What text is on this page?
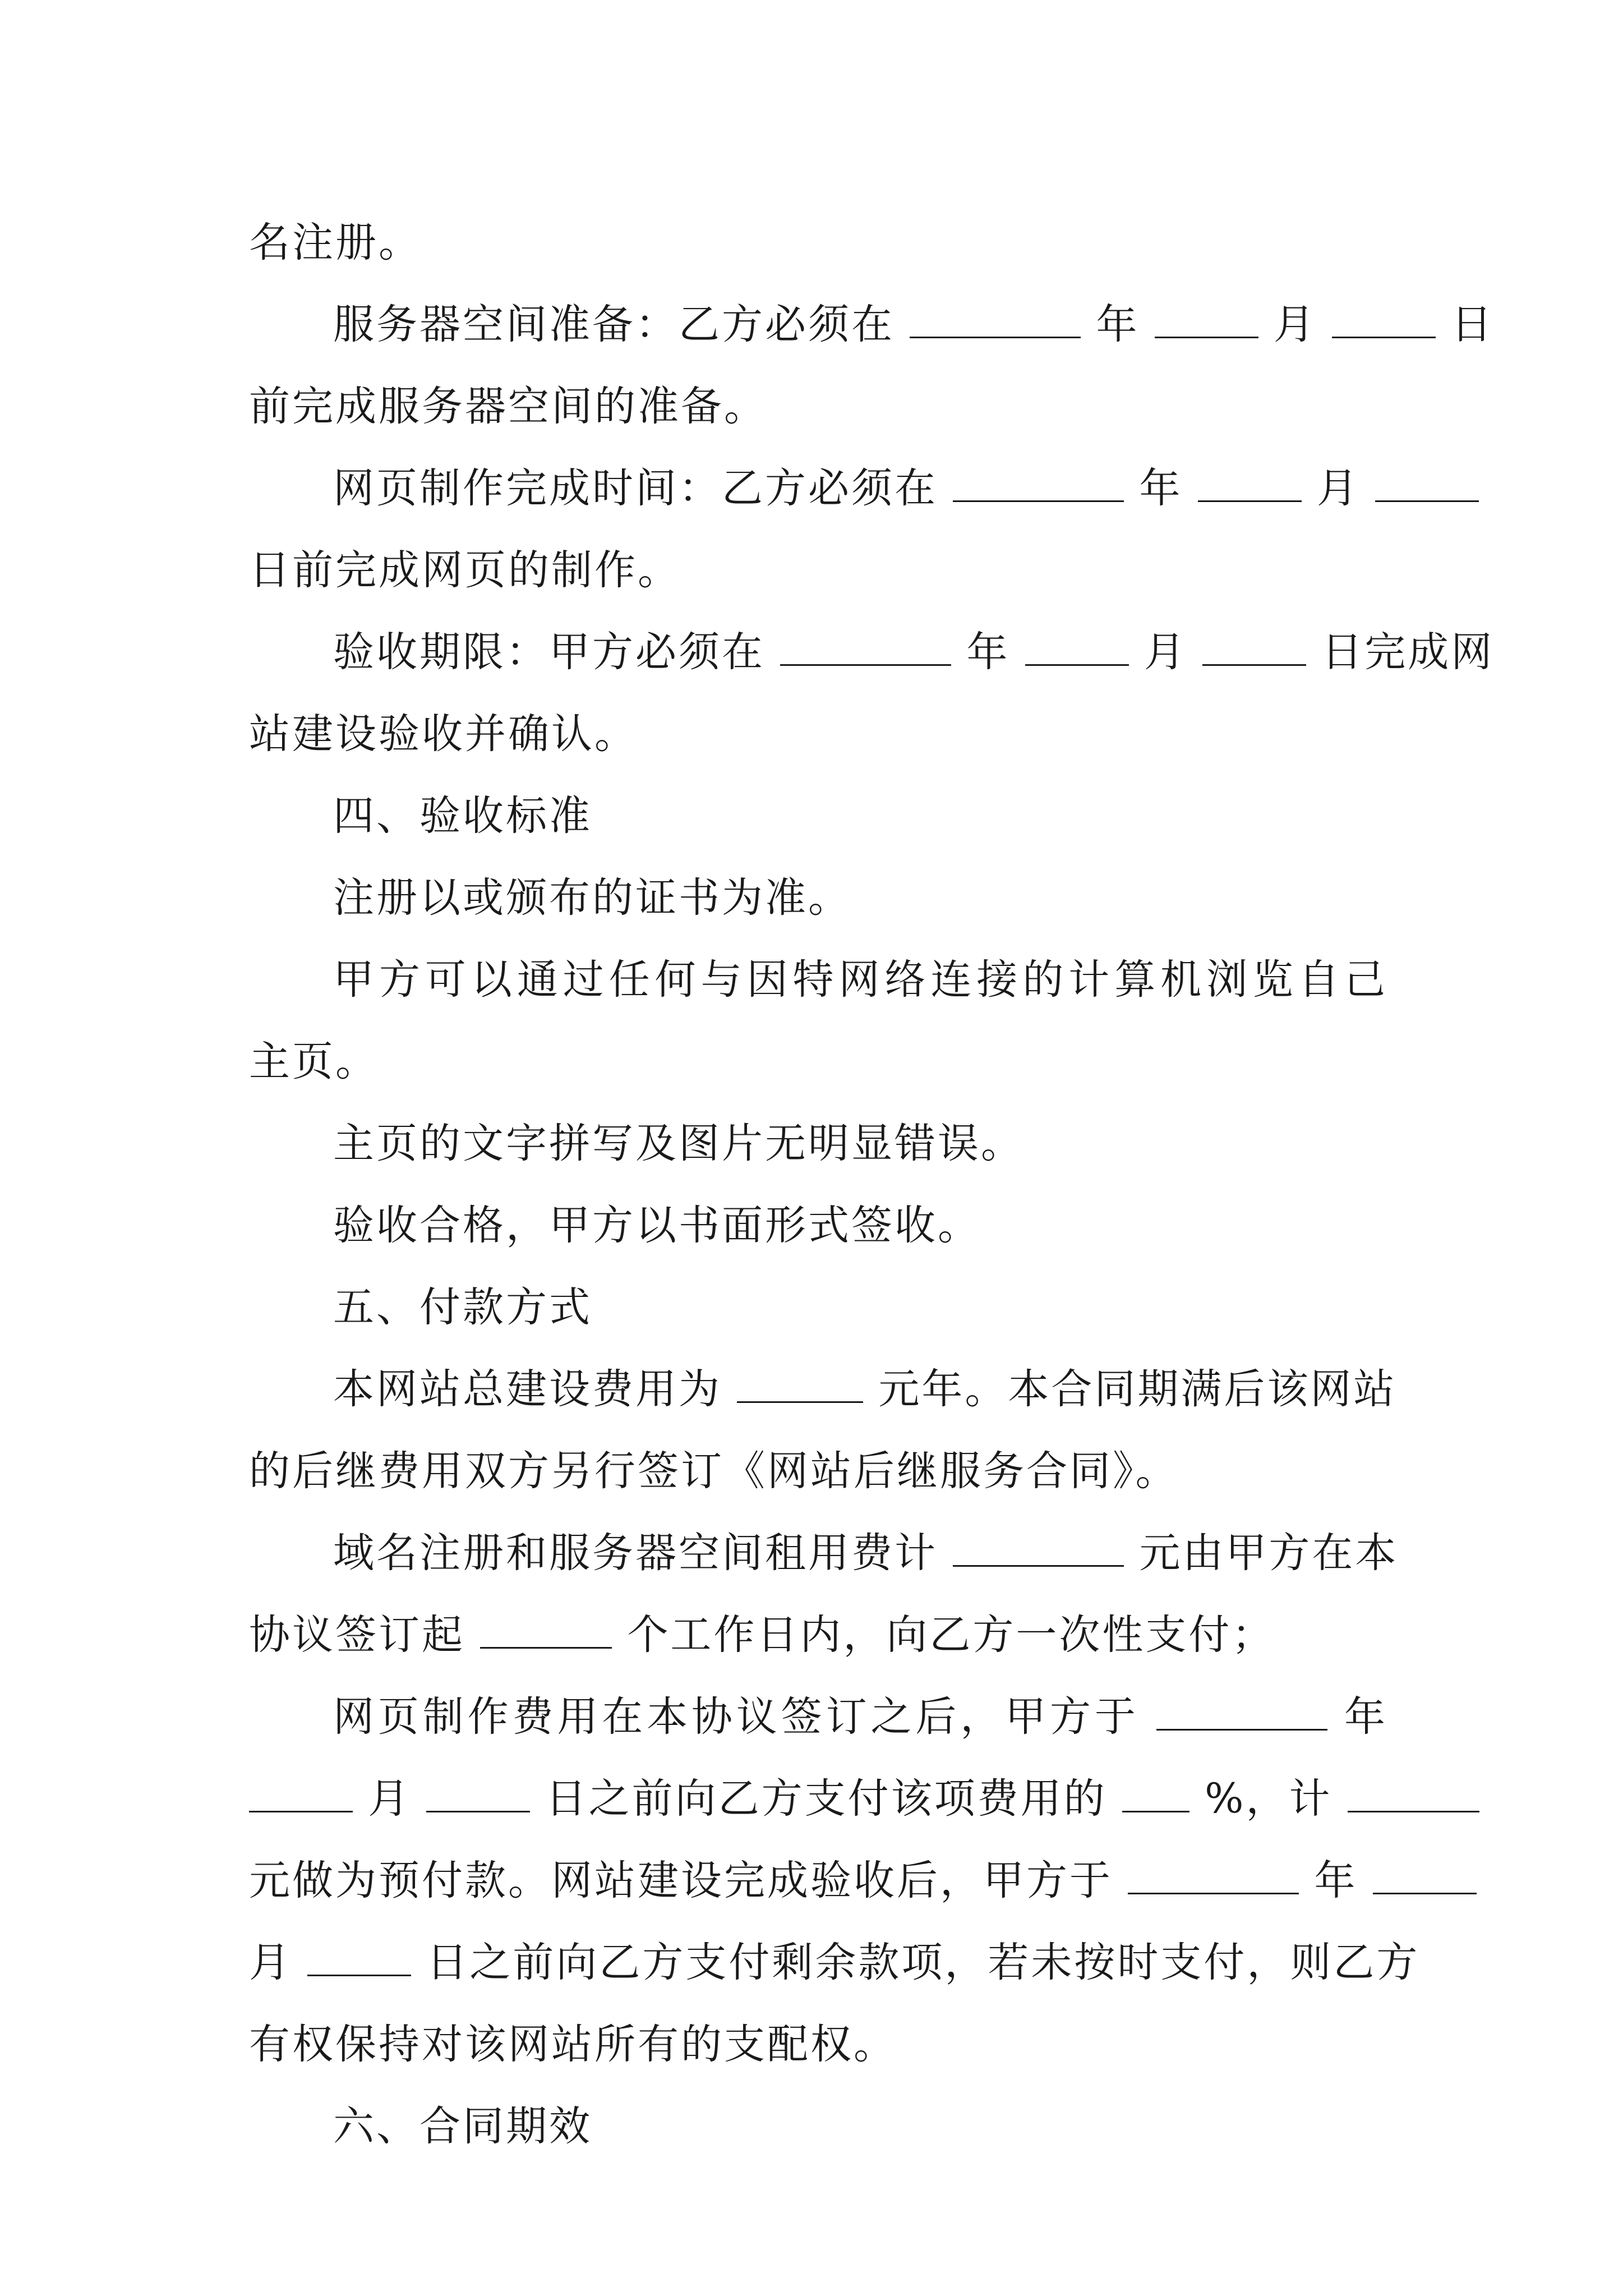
名注册。
服务器空间准备：乙方必须在	年	月	日
前完成服务器空间的准备。
网页制作完成时间：乙方必须在	年	月
日前完成网页的制作。
验收期限：甲方必须在	年	月	日完成网
站建设验收并确认。
四、验收标准
注册以或颁布的证书为准。
甲方可以通过任何与因特网络连接的计算机浏览自己
主页。
主页的文字拼写及图片无明显错误。
验收合格，甲方以书面形式签收。
五、付款方式
本网站总建设费用为	元年。本合同期满后该网站
的后继费用双方另行签订《网站后继服务合同》。
域名注册和服务器空间租用费计	元由甲方在本
协议签订起	个工作日内，向乙方一次性支付；
网页制作费用在本协议签订之后，甲方于	年
月	日之前向乙方支付该项费用的 %，计
元做为预付款。网站建设完成验收后，甲方于	年
月	日之前向乙方支付剩余款项，若未按时支付，则乙方
有权保持对该网站所有的支配权。
六、合同期效
